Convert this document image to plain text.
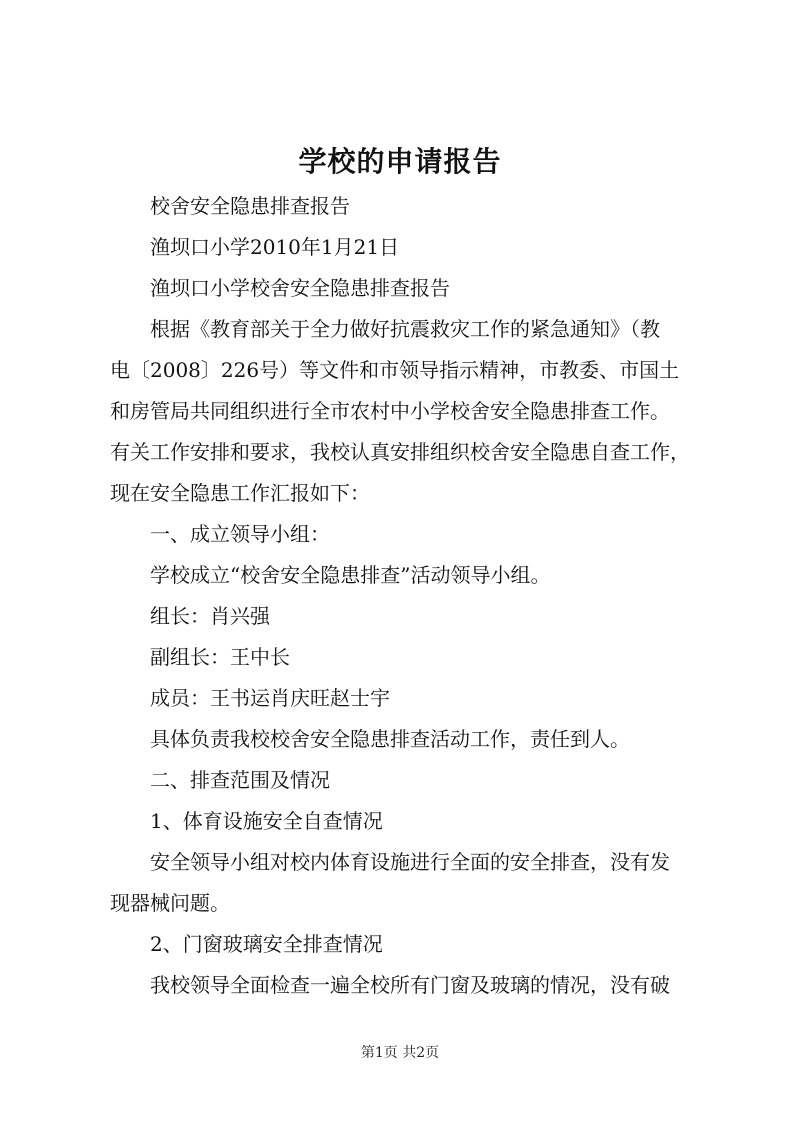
学校的申请报告

校舍安全隐患排查报告

渔坝口小学2010年1月21日

渔坝口小学校舍安全隐患排查报告

根据《教育部关于全力做好抗震救灾工作的紧急通知》（教

电〔2008〕226号）等文件和市领导指示精神，市教委、市国土

和房管局共同组织进行全市农村中小学校舍安全隐患排查工作。

有关工作安排和要求，我校认真安排组织校舍安全隐患自查工作，

现在安全隐患工作汇报如下：

一、成立领导小组：

学校成立“校舍安全隐患排查”活动领导小组。

组长：肖兴强

副组长：王中长

成员：王书运肖庆旺赵士宇

具体负责我校校舍安全隐患排查活动工作，责任到人。

二、排查范围及情况

1、体育设施安全自查情况

安全领导小组对校内体育设施进行全面的安全排查，没有发

现器械问题。

2、门窗玻璃安全排查情况

我校领导全面检查一遍全校所有门窗及玻璃的情况，没有破

第1页 共2页
